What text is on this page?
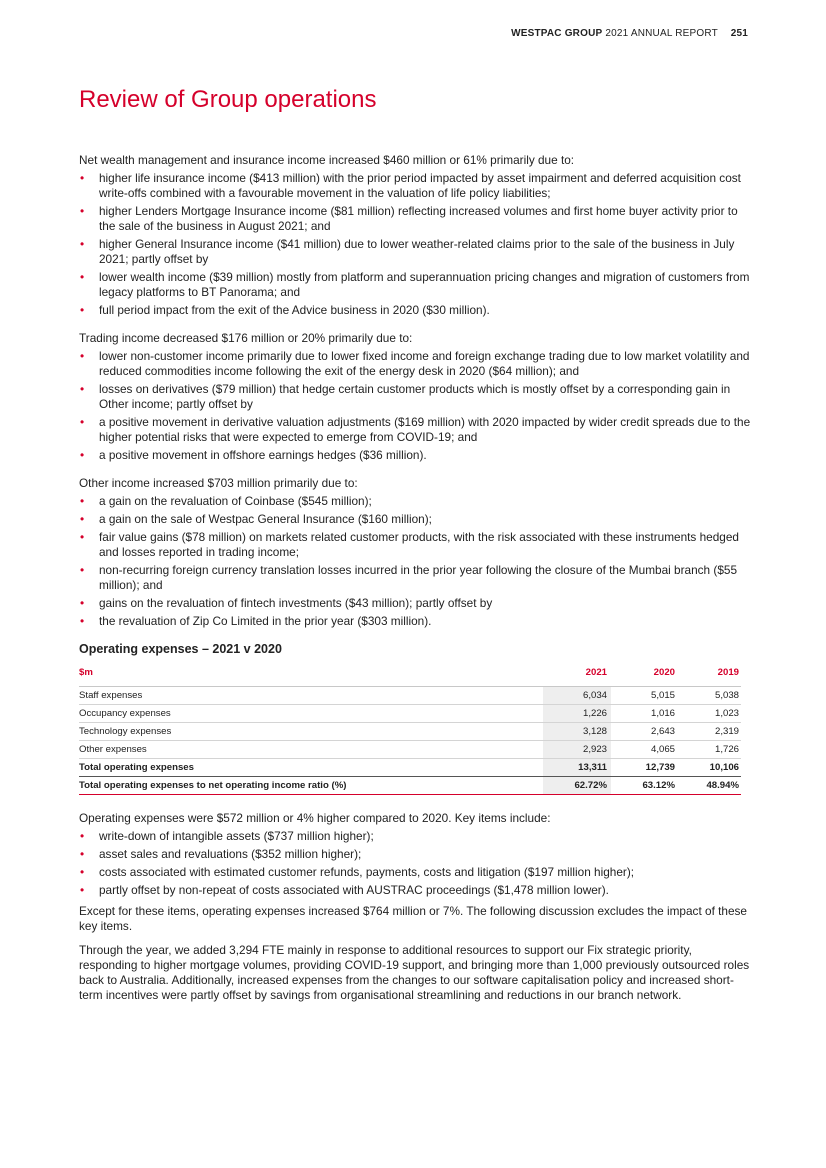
WESTPAC GROUP 2021 ANNUAL REPORT 251
Review of Group operations

Net wealth management and insurance income increased $460 million or 61% primarily due to:

• higher life insurance income ($413 million) with the prior period impacted by asset impairment and deferred acquisition cost write-offs combined with a favourable movement in the valuation of life policy liabilities;
• higher Lenders Mortgage Insurance income ($81 million) reflecting increased volumes and first home buyer activity prior to the sale of the business in August 2021; and
• higher General Insurance income ($41 million) due to lower weather-related claims prior to the sale of the business in July 2021; partly offset by
• lower wealth income ($39 million) mostly from platform and superannuation pricing changes and migration of customers from legacy platforms to BT Panorama; and
• full period impact from the exit of the Advice business in 2020 ($30 million).

Trading income decreased $176 million or 20% primarily due to:

• lower non-customer income primarily due to lower fixed income and foreign exchange trading due to low market volatility and reduced commodities income following the exit of the energy desk in 2020 ($64 million); and
• losses on derivatives ($79 million) that hedge certain customer products which is mostly offset by a corresponding gain in Other income; partly offset by
• a positive movement in derivative valuation adjustments ($169 million) with 2020 impacted by wider credit spreads due to the higher potential risks that were expected to emerge from COVID-19; and
• a positive movement in offshore earnings hedges ($36 million).

Other income increased $703 million primarily due to:

• a gain on the revaluation of Coinbase ($545 million);
• a gain on the sale of Westpac General Insurance ($160 million);
• fair value gains ($78 million) on markets related customer products, with the risk associated with these instruments hedged and losses reported in trading income;
• non-recurring foreign currency translation losses incurred in the prior year following the closure of the Mumbai branch ($55 million); and
• gains on the revaluation of fintech investments ($43 million); partly offset by
• the revaluation of Zip Co Limited in the prior year ($303 million).
Operating expenses – 2021 v 2020
$m	2021	2020	2019
Staff expenses	6,034	5,015	5,038
Occupancy expenses	1,226	1,016	1,023
Technology expenses	3,128	2,643	2,319
Other expenses	2,923	4,065	1,726
Total operating expenses	13,311	12,739	10,106
Total operating expenses to net operating income ratio (%)	62.72%	63.12%	48.94%

Operating expenses were $572 million or 4% higher compared to 2020. Key items include:

• write-down of intangible assets ($737 million higher);
• asset sales and revaluations ($352 million higher);
• costs associated with estimated customer refunds, payments, costs and litigation ($197 million higher);
• partly offset by non-repeat of costs associated with AUSTRAC proceedings ($1,478 million lower).

Except for these items, operating expenses increased $764 million or 7%. The following discussion excludes the impact of these key items.

Through the year, we added 3,294 FTE mainly in response to additional resources to support our Fix strategic priority, responding to higher mortgage volumes, providing COVID-19 support, and bringing more than 1,000 previously outsourced roles back to Australia. Additionally, increased expenses from the changes to our software capitalisation policy and increased short-term incentives were partly offset by savings from organisational streamlining and reductions in our branch network.
